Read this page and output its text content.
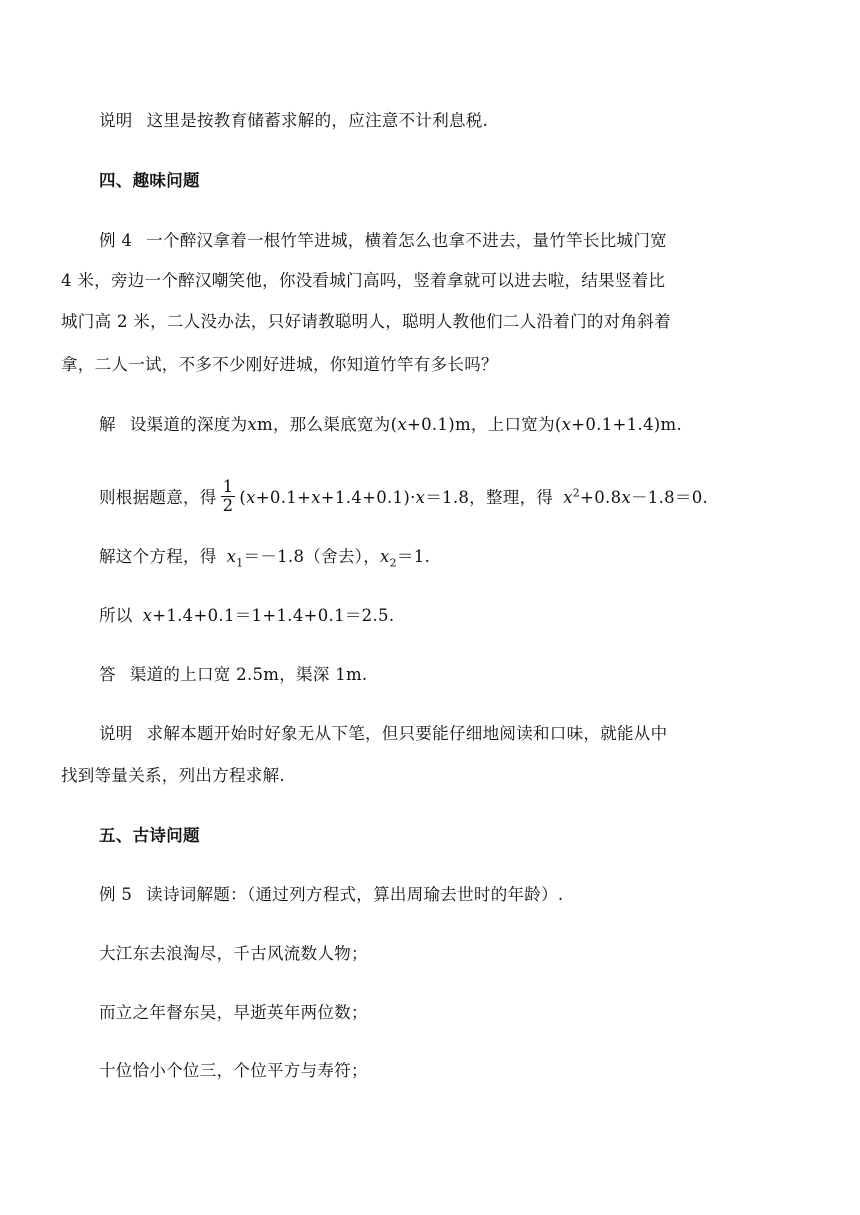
说明 这里是按教育储蓄求解的，应注意不计利息税.
四、趣味问题
例 4 一个醉汉拿着一根竹竿进城，横着怎么也拿不进去，量竹竿长比城门宽
4 米，旁边一个醉汉嘲笑他，你没看城门高吗，竖着拿就可以进去啦，结果竖着比
城门高 2 米，二人没办法，只好请教聪明人，聪明人教他们二人沿着门的对角斜着
拿，二人一试，不多不少刚好进城，你知道竹竿有多长吗？
解 设渠道的深度为xm，那么渠底宽为(x+0.1)m，上口宽为(x+0.1+1.4)m.
则根据题意，得 $\frac{1}{2} (x+0.1+x+1.4+0.1)\cdot x=1.8$，整理，得 $x^2+0.8x-1.8=0$.
解这个方程，得 $x_1=-1.8$（舍去），$x_2=1$.
所以 x+1.4+0.1＝1+1.4+0.1＝2.5.
答 渠道的上口宽 2.5m，渠深 1m.
说明 求解本题开始时好象无从下笔，但只要能仔细地阅读和口味，就能从中
找到等量关系，列出方程求解.
五、古诗问题
例 5 读诗词解题：（通过列方程式，算出周瑜去世时的年龄）.
大江东去浪淘尽，千古风流数人物；
而立之年督东吴，早逝英年两位数；
十位恰小个位三，个位平方与寿符；
